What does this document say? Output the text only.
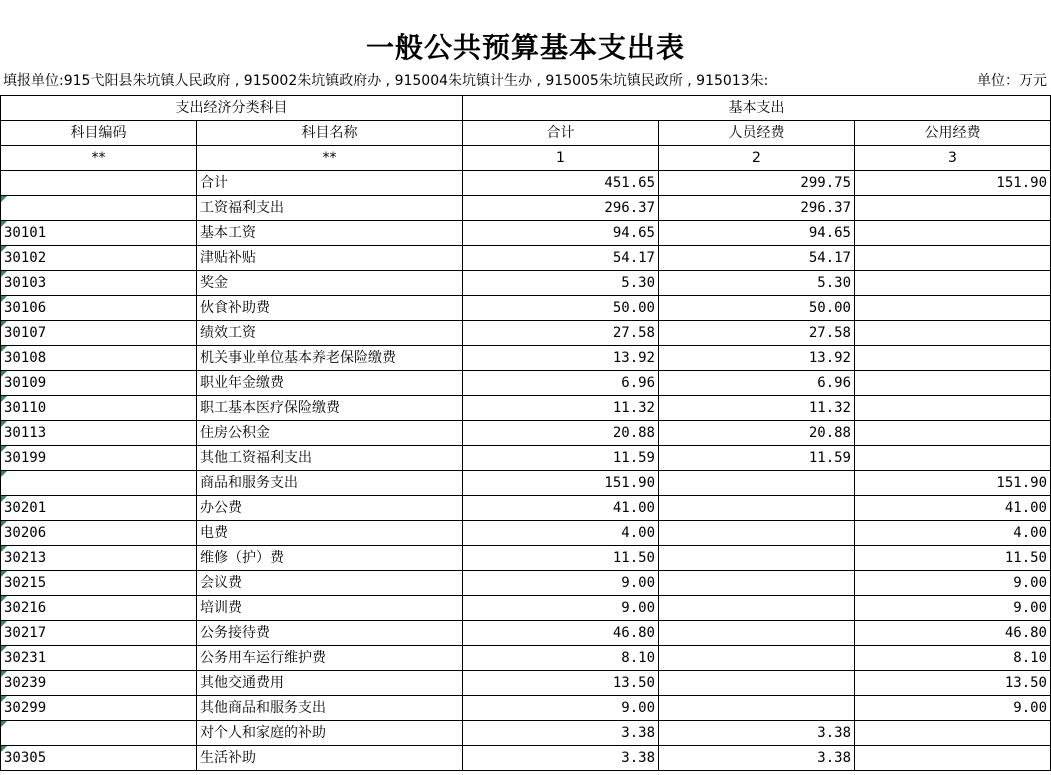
一般公共预算基本支出表
填报单位:915弋阳县朱坑镇人民政府 , 915002朱坑镇政府办 , 915004朱坑镇计生办 , 915005朱坑镇民政所 , 915013朱:	单位：万元
支出经济分类科目		基本支出		
科目编码	科目名称	合计	人员经费	公用经费
**	**	1	2	3
	合计	451.65	299.75	151.90
	工资福利支出	296.37	296.37	
30101	基本工资	94.65	94.65	
30102	津贴补贴	54.17	54.17	
30103	奖金	5.30	5.30	
30106	伙食补助费	50.00	50.00	
30107	绩效工资	27.58	27.58	
30108	机关事业单位基本养老保险缴费	13.92	13.92	
30109	职业年金缴费	6.96	6.96	
30110	职工基本医疗保险缴费	11.32	11.32	
30113	住房公积金	20.88	20.88	
30199	其他工资福利支出	11.59	11.59	
	商品和服务支出	151.90		151.90
30201	办公费	41.00		41.00
30206	电费	4.00		4.00
30213	维修（护）费	11.50		11.50
30215	会议费	9.00		9.00
30216	培训费	9.00		9.00
30217	公务接待费	46.80		46.80
30231	公务用车运行维护费	8.10		8.10
30239	其他交通费用	13.50		13.50
30299	其他商品和服务支出	9.00		9.00
	对个人和家庭的补助	3.38	3.38	
30305	生活补助	3.38	3.38	
